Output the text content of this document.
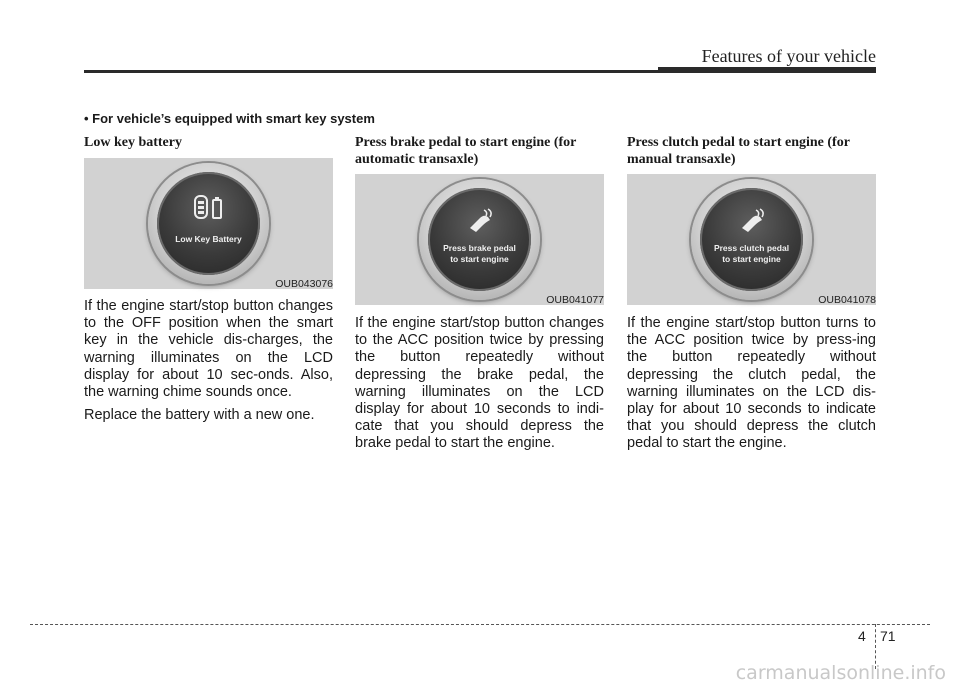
Features of your vehicle
• For vehicle’s equipped with smart key system
Low key battery
Low Key Battery
OUB043076

If the engine start/stop button changes to the OFF position when the smart key in the vehicle dis-charges, the warning illuminates on the LCD display for about 10 sec-onds. Also, the warning chime sounds once.

Replace the battery with a new one.

Press brake pedal to start engine (for automatic transaxle)
Press brake pedal
to start engine
OUB041077

If the engine start/stop button changes to the ACC position twice by pressing the button repeatedly without depressing the brake pedal, the warning illuminates on the LCD display for about 10 seconds to indi-cate that you should depress the brake pedal to start the engine.

Press clutch pedal to start engine (for manual transaxle)
Press clutch pedal
to start engine
OUB041078

If the engine start/stop button turns to the ACC position twice by press-ing the button repeatedly without depressing the clutch pedal, the warning illuminates on the LCD dis-play for about 10 seconds to indicate that you should depress the clutch pedal to start the engine.

4 71
carmanualsonline.info
